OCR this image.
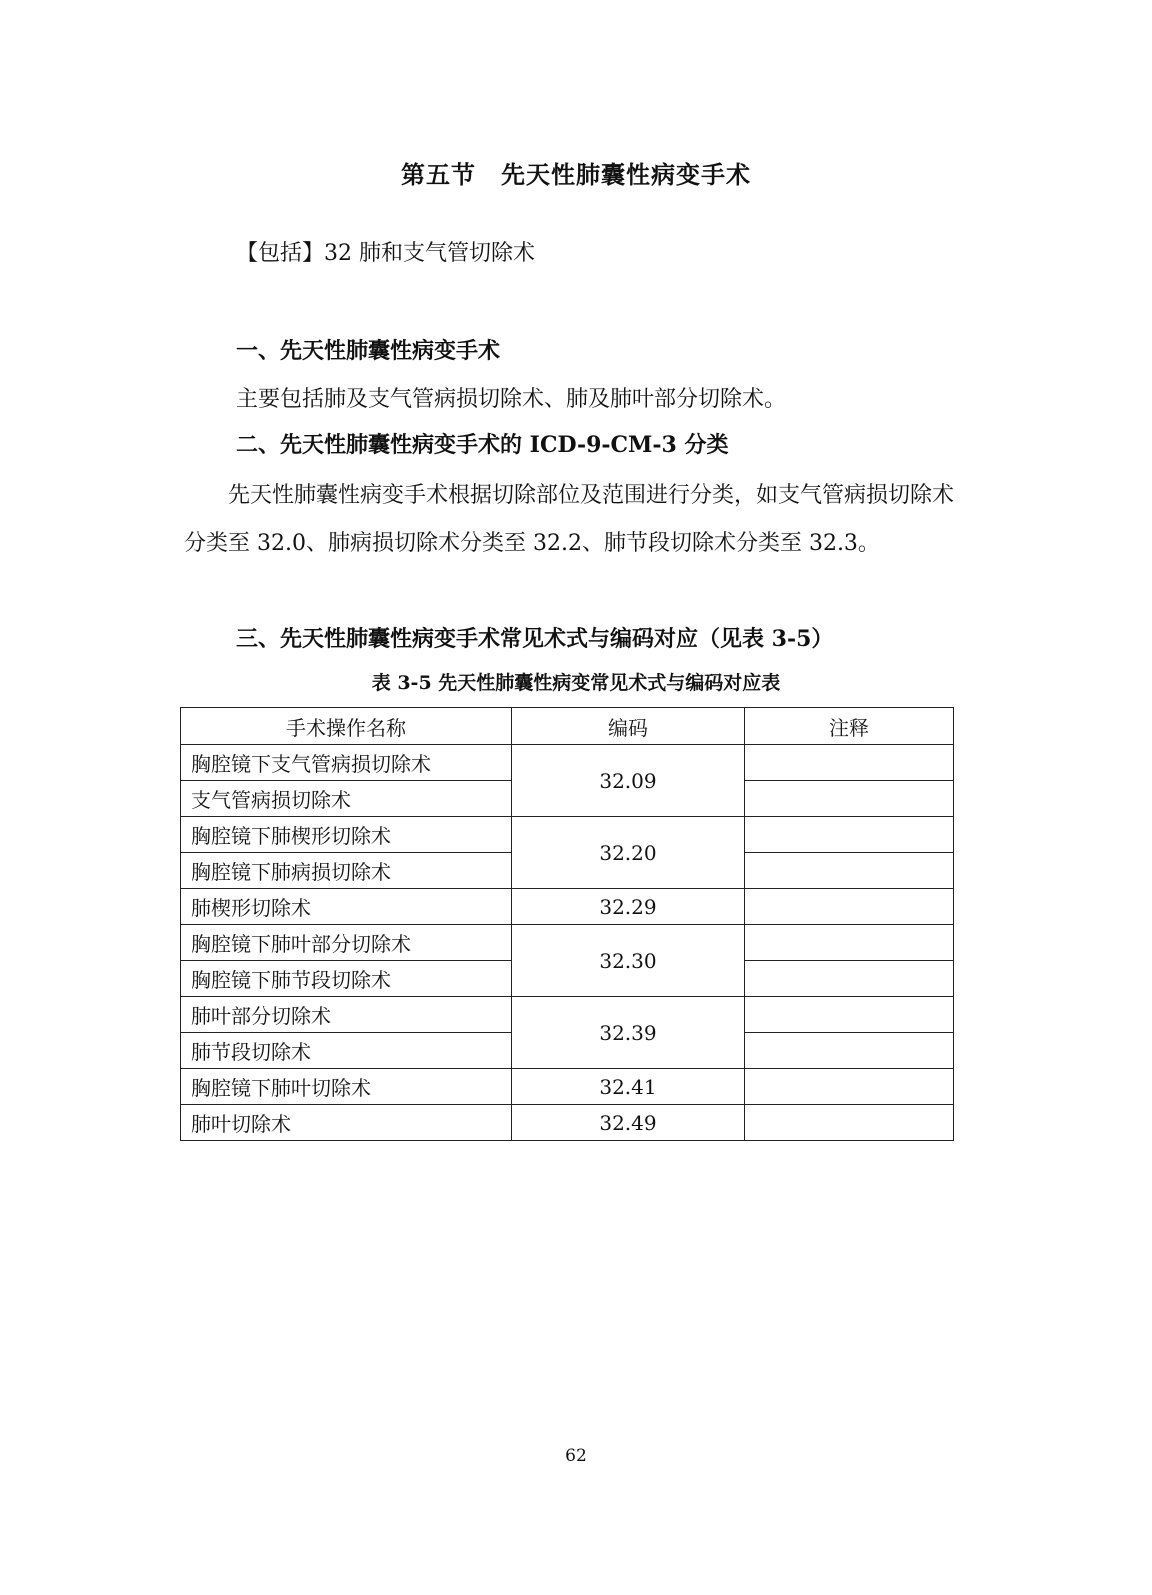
第五节　先天性肺囊性病变手术
【包括】32 肺和支气管切除术
一、先天性肺囊性病变手术
主要包括肺及支气管病损切除术、肺及肺叶部分切除术。
二、先天性肺囊性病变手术的 ICD-9-CM-3 分类
先天性肺囊性病变手术根据切除部位及范围进行分类，如支气管病损切除术分类至 32.0、肺病损切除术分类至 32.2、肺节段切除术分类至 32.3。
三、先天性肺囊性病变手术常见术式与编码对应（见表 3-5）
表 3-5 先天性肺囊性病变常见术式与编码对应表
手术操作名称	编码	注释
胸腔镜下支气管病损切除术	32.09	
支气管病损切除术		
胸腔镜下肺楔形切除术	32.20	
胸腔镜下肺病损切除术		
肺楔形切除术	32.29	
胸腔镜下肺叶部分切除术	32.30	
胸腔镜下肺节段切除术		
肺叶部分切除术	32.39	
肺节段切除术		
胸腔镜下肺叶切除术	32.41	
肺叶切除术	32.49	
62
